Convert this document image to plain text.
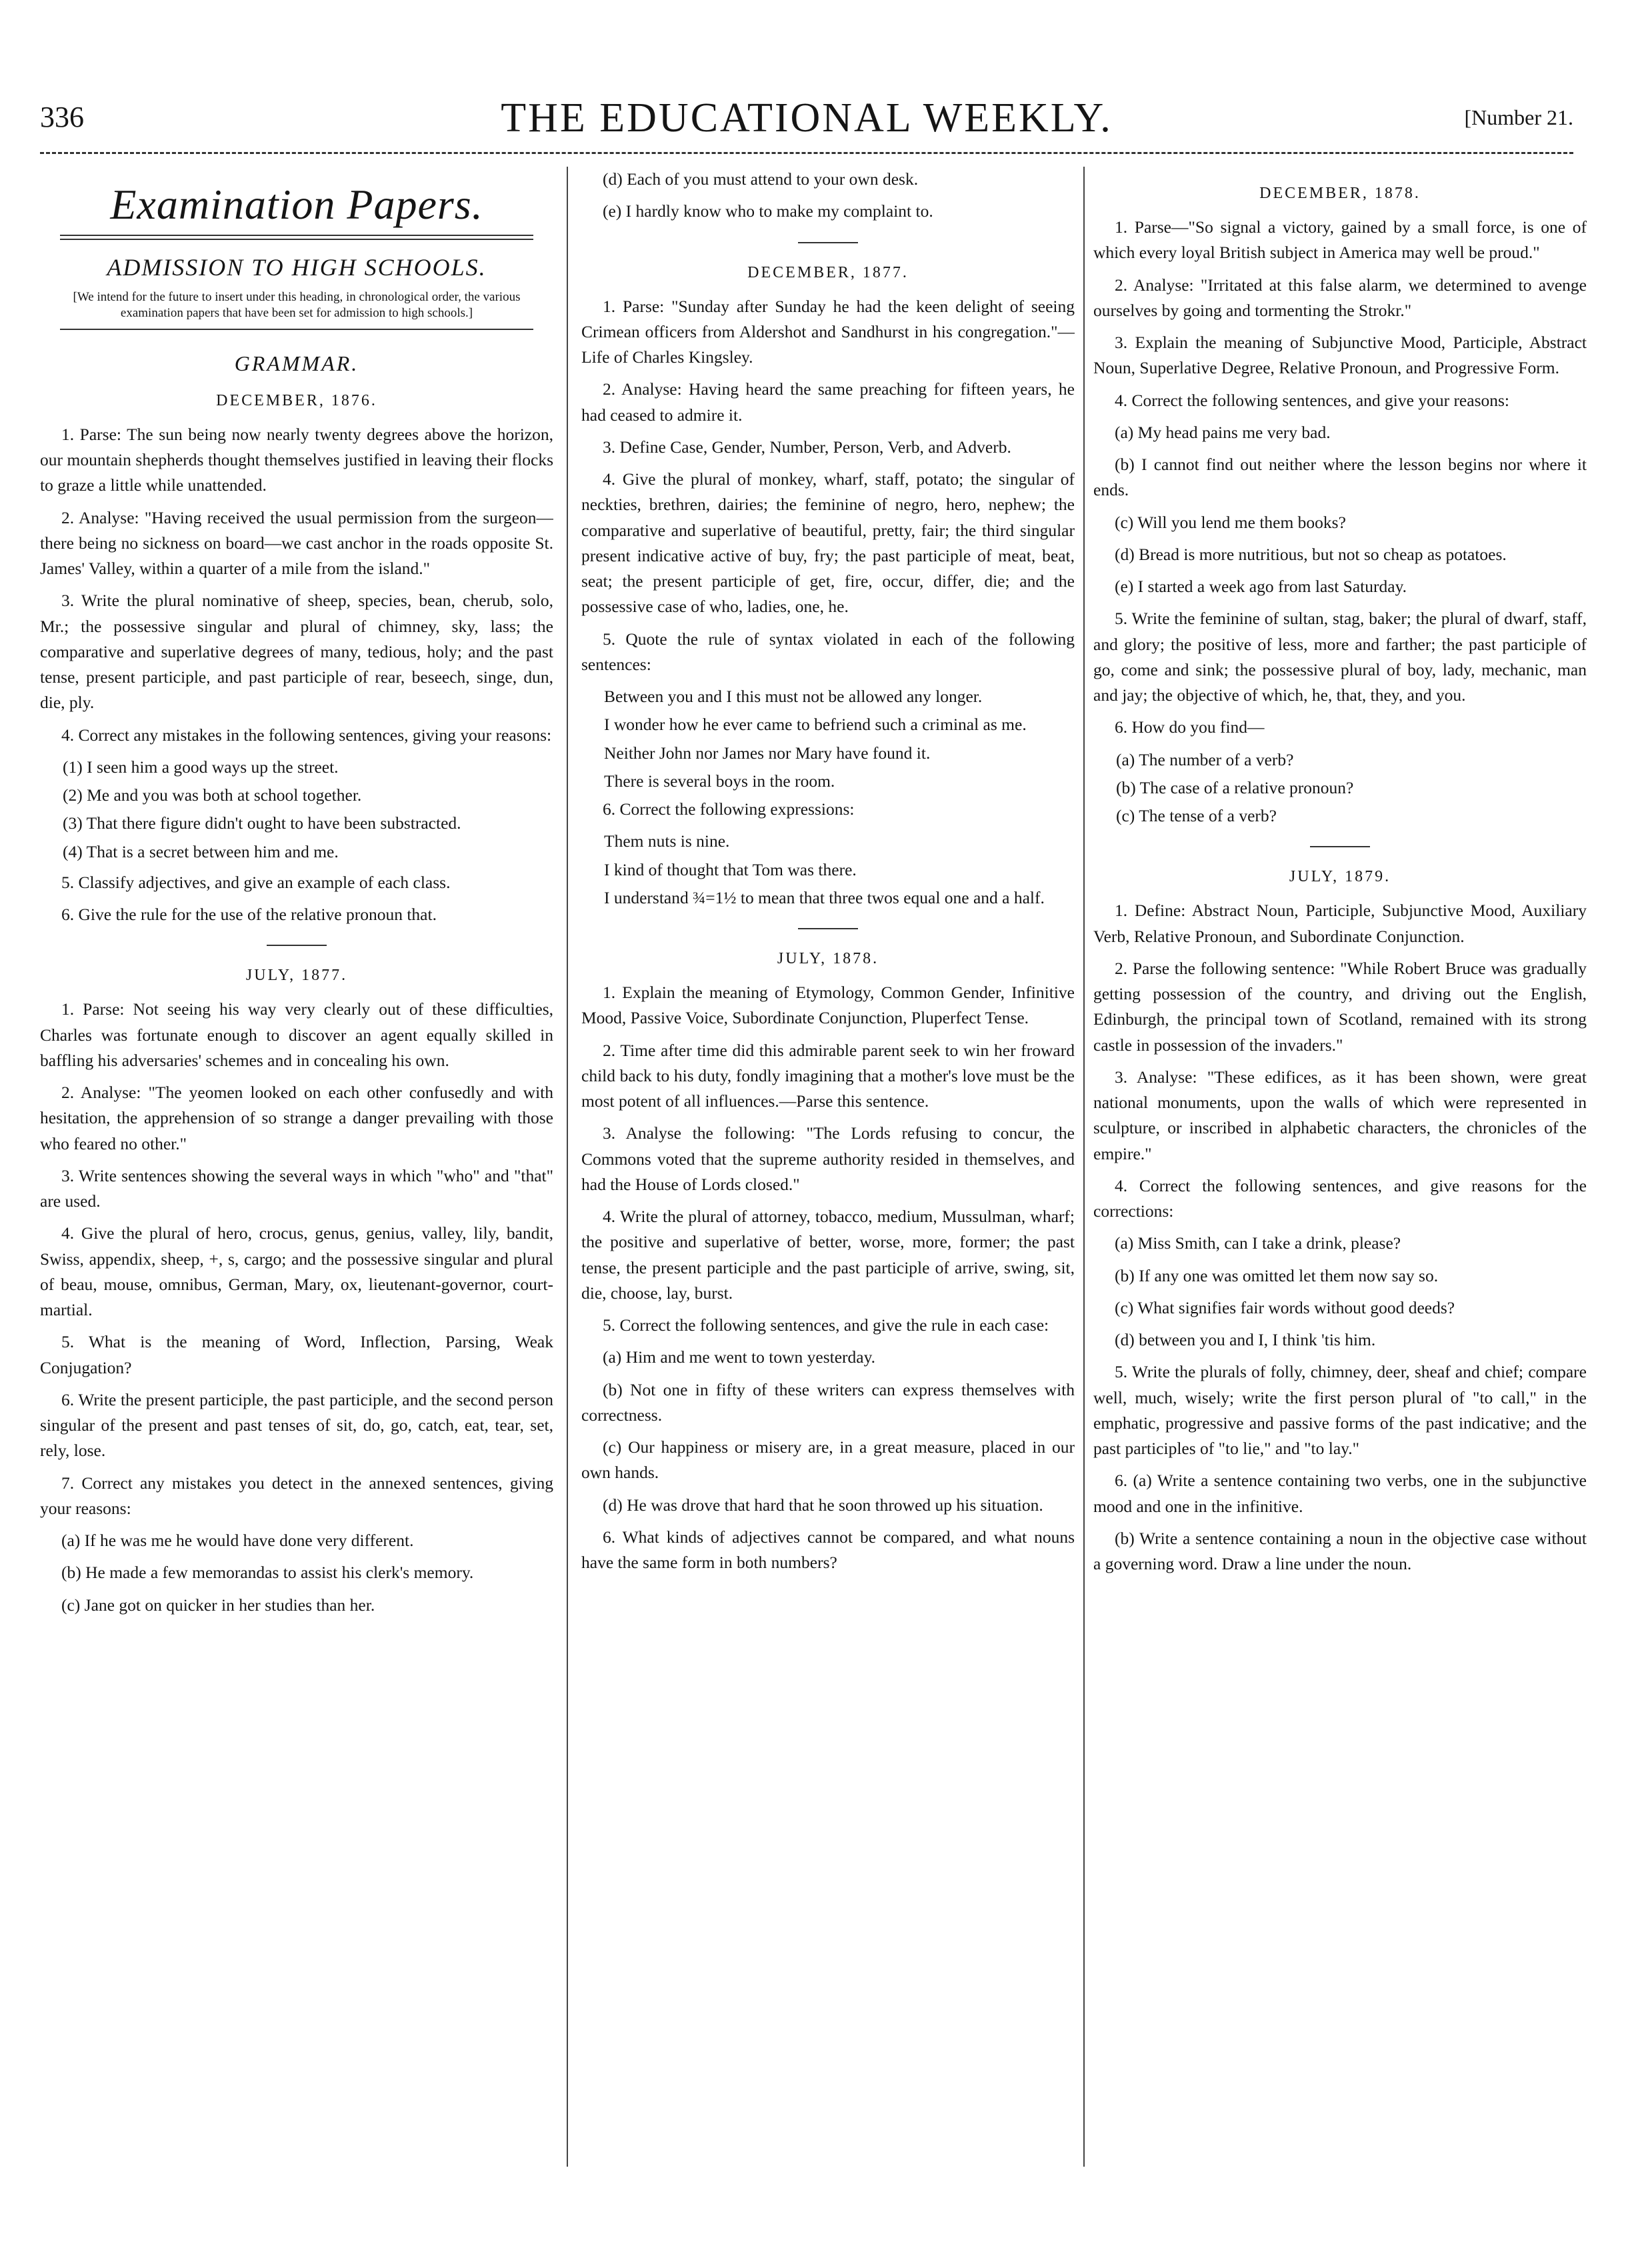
336	THE EDUCATIONAL WEEKLY.	[Number 21.
Examination Papers.
ADMISSION TO HIGH SCHOOLS.
[We intend for the future to insert under this heading, in chronological order, the various examination papers that have been set for admission to high schools.]
GRAMMAR.
DECEMBER, 1876.

1. Parse: The sun being now nearly twenty degrees above the horizon, our mountain shepherds thought themselves justified in leaving their flocks to graze a little while unattended.

2. Analyse: "Having received the usual permission from the surgeon—there being no sickness on board—we cast anchor in the roads opposite St. James' Valley, within a quarter of a mile from the island."

3. Write the plural nominative of sheep, species, bean, cherub, solo, Mr.; the possessive singular and plural of chimney, sky, lass; the comparative and superlative degrees of many, tedious, holy; and the past tense, present participle, and past participle of rear, beseech, singe, dun, die, ply.

4. Correct any mistakes in the following sentences, giving your reasons:

(1) I seen him a good ways up the street.
(2) Me and you was both at school together.
(3) That there figure didn't ought to have been substracted.
(4) That is a secret between him and me.

5. Classify adjectives, and give an example of each class.

6. Give the rule for the use of the relative pronoun that.

JULY, 1877.

1. Parse: Not seeing his way very clearly out of these difficulties, Charles was fortunate enough to discover an agent equally skilled in baffling his adversaries' schemes and in concealing his own.

2. Analyse: "The yeomen looked on each other confusedly and with hesitation, the apprehension of so strange a danger prevailing with those who feared no other."

3. Write sentences showing the several ways in which "who" and "that" are used.

4. Give the plural of hero, crocus, genus, genius, valley, lily, bandit, Swiss, appendix, sheep, +, s, cargo; and the possessive singular and plural of beau, mouse, omnibus, German, Mary, ox, lieutenant-governor, court-martial.

5. What is the meaning of Word, Inflection, Parsing, Weak Conjugation?

6. Write the present participle, the past participle, and the second person singular of the present and past tenses of sit, do, go, catch, eat, tear, set, rely, lose.

7. Correct any mistakes you detect in the annexed sentences, giving your reasons:

(a) If he was me he would have done very different.

(b) He made a few memorandas to assist his clerk's memory.

(c) Jane got on quicker in her studies than her.

(d) Each of you must attend to your own desk.

(e) I hardly know who to make my complaint to.

DECEMBER, 1877.

1. Parse: "Sunday after Sunday he had the keen delight of seeing Crimean officers from Aldershot and Sandhurst in his congregation."—Life of Charles Kingsley.

2. Analyse: Having heard the same preaching for fifteen years, he had ceased to admire it.

3. Define Case, Gender, Number, Person, Verb, and Adverb.

4. Give the plural of monkey, wharf, staff, potato; the singular of neckties, brethren, dairies; the feminine of negro, hero, nephew; the comparative and superlative of beautiful, pretty, fair; the third singular present indicative active of buy, fry; the past participle of meat, beat, seat; the present participle of get, fire, occur, differ, die; and the possessive case of who, ladies, one, he.

5. Quote the rule of syntax violated in each of the following sentences:

Between you and I this must not be allowed any longer.
I wonder how he ever came to befriend such a criminal as me.
Neither John nor James nor Mary have found it.
There is several boys in the room.

6. Correct the following expressions:

Them nuts is nine.
I kind of thought that Tom was there.
I understand ¾=1½ to mean that three twos equal one and a half.
JULY, 1878.

1. Explain the meaning of Etymology, Common Gender, Infinitive Mood, Passive Voice, Subordinate Conjunction, Pluperfect Tense.

2. Time after time did this admirable parent seek to win her froward child back to his duty, fondly imagining that a mother's love must be the most potent of all influences.—Parse this sentence.

3. Analyse the following: "The Lords refusing to concur, the Commons voted that the supreme authority resided in themselves, and had the House of Lords closed."

4. Write the plural of attorney, tobacco, medium, Mussulman, wharf; the positive and superlative of better, worse, more, former; the past tense, the present participle and the past participle of arrive, swing, sit, die, choose, lay, burst.

5. Correct the following sentences, and give the rule in each case:

(a) Him and me went to town yesterday.

(b) Not one in fifty of these writers can express themselves with correctness.

(c) Our happiness or misery are, in a great measure, placed in our own hands.

(d) He was drove that hard that he soon throwed up his situation.

6. What kinds of adjectives cannot be compared, and what nouns have the same form in both numbers?

DECEMBER, 1878.

1. Parse—"So signal a victory, gained by a small force, is one of which every loyal British subject in America may well be proud."

2. Analyse: "Irritated at this false alarm, we determined to avenge ourselves by going and tormenting the Strokr."

3. Explain the meaning of Subjunctive Mood, Participle, Abstract Noun, Superlative Degree, Relative Pronoun, and Progressive Form.

4. Correct the following sentences, and give your reasons:

(a) My head pains me very bad.

(b) I cannot find out neither where the lesson begins nor where it ends.

(c) Will you lend me them books?

(d) Bread is more nutritious, but not so cheap as potatoes.

(e) I started a week ago from last Saturday.

5. Write the feminine of sultan, stag, baker; the plural of dwarf, staff, and glory; the positive of less, more and farther; the past participle of go, come and sink; the possessive plural of boy, lady, mechanic, man and jay; the objective of which, he, that, they, and you.

6. How do you find—

(a) The number of a verb?
(b) The case of a relative pronoun?
(c) The tense of a verb?
JULY, 1879.

1. Define: Abstract Noun, Participle, Subjunctive Mood, Auxiliary Verb, Relative Pronoun, and Subordinate Conjunction.

2. Parse the following sentence: "While Robert Bruce was gradually getting possession of the country, and driving out the English, Edinburgh, the principal town of Scotland, remained with its strong castle in possession of the invaders."

3. Analyse: "These edifices, as it has been shown, were great national monuments, upon the walls of which were represented in sculpture, or inscribed in alphabetic characters, the chronicles of the empire."

4. Correct the following sentences, and give reasons for the corrections:

(a) Miss Smith, can I take a drink, please?

(b) If any one was omitted let them now say so.

(c) What signifies fair words without good deeds?

(d) between you and I, I think 'tis him.

5. Write the plurals of folly, chimney, deer, sheaf and chief; compare well, much, wisely; write the first person plural of "to call," in the emphatic, progressive and passive forms of the past indicative; and the past participles of "to lie," and "to lay."

6. (a) Write a sentence containing two verbs, one in the subjunctive mood and one in the infinitive.

(b) Write a sentence containing a noun in the objective case without a governing word. Draw a line under the noun.
